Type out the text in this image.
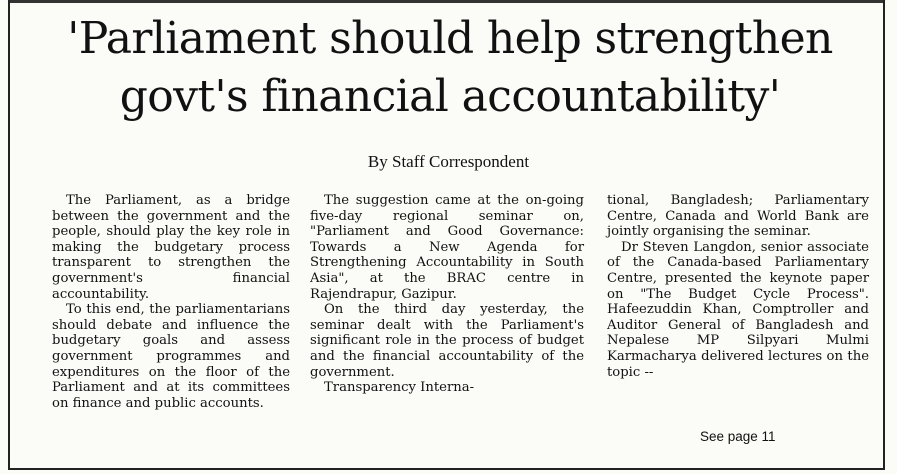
'Parliament should help strengthen govt's financial accountability'
By Staff Correspondent

The Parliament, as a bridge between the government and the people, should play the key role in making the budgetary process transparent to strengthen the government's financial accountability.

To this end, the parliamentarians should debate and influence the budgetary goals and assess government programmes and expenditures on the floor of the Parliament and at its committees on finance and public accounts.

The suggestion came at the on-going five-day regional seminar on, "Parliament and Good Governance: Towards a New Agenda for Strengthening Accountability in South Asia", at the BRAC centre in Rajendrapur, Gazipur.

On the third day yesterday, the seminar dealt with the Parliament's significant role in the process of budget and the financial accountability of the government.

Transparency Interna-

tional, Bangladesh; Parliamentary Centre, Canada and World Bank are jointly organising the seminar.

Dr Steven Langdon, senior associate of the Canada-based Parliamentary Centre, presented the keynote paper on "The Budget Cycle Process". Hafeezuddin Khan, Comptroller and Auditor General of Bangladesh and Nepalese MP Silpyari Mulmi Karmacharya delivered lectures on the topic --

See page 11
